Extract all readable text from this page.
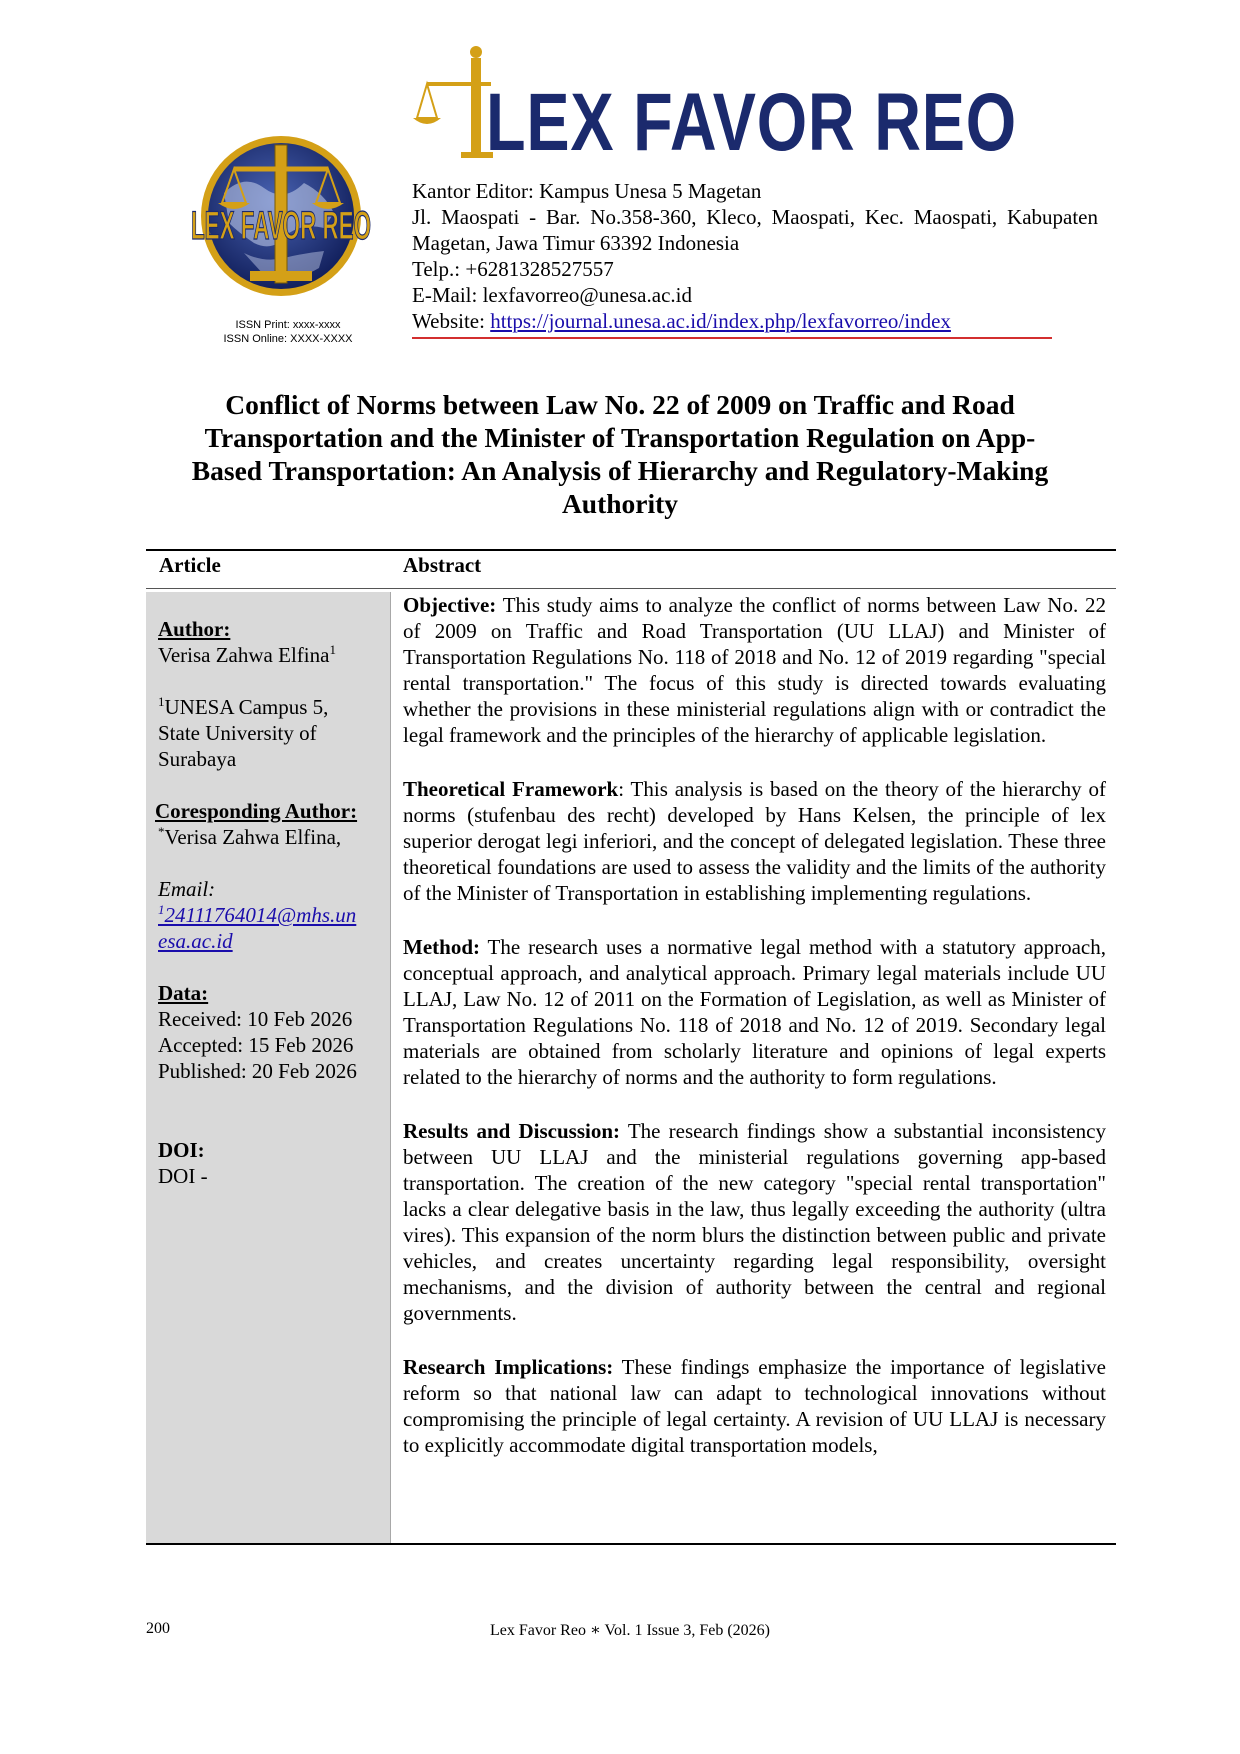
LEX FAVOR REO
ISSN Print: xxxx-xxxx
ISSN Online: XXXX-XXXX
LEX FAVOR REO
Kantor Editor: Kampus Unesa 5 Magetan
Jl. Maospati - Bar. No.358-360, Kleco, Maospati, Kec. Maospati, Kabupaten Magetan, Jawa Timur 63392 Indonesia
Telp.: +6281328527557
E-Mail: lexfavorreo@unesa.ac.id
Website: https://journal.unesa.ac.id/index.php/lexfavorreo/index
Conflict of Norms between Law No. 22 of 2009 on Traffic and Road Transportation and the Minister of Transportation Regulation on App-Based Transportation: An Analysis of Hierarchy and Regulatory-Making Authority
Article	Abstract
Author:
Verisa Zahwa Elfina$^1$
$^1$UNESA Campus 5,
State University of
Surabaya
Coresponding Author:
*Verisa Zahwa Elfina,
Email:
$^1$24111764014@mhs.un
esa.ac.id
Data:
Received: 10 Feb 2026
Accepted: 15 Feb 2026
Published: 20 Feb 2026
DOI:
DOI -

Objective: This study aims to analyze the conflict of norms between Law No. 22 of 2009 on Traffic and Road Transportation (UU LLAJ) and Minister of Transportation Regulations No. 118 of 2018 and No. 12 of 2019 regarding "special rental transportation." The focus of this study is directed towards evaluating whether the provisions in these ministerial regulations align with or contradict the legal framework and the principles of the hierarchy of applicable legislation.

Theoretical Framework: This analysis is based on the theory of the hierarchy of norms (stufenbau des recht) developed by Hans Kelsen, the principle of lex superior derogat legi inferiori, and the concept of delegated legislation. These three theoretical foundations are used to assess the validity and the limits of the authority of the Minister of Transportation in establishing implementing regulations.

Method: The research uses a normative legal method with a statutory approach, conceptual approach, and analytical approach. Primary legal materials include UU LLAJ, Law No. 12 of 2011 on the Formation of Legislation, as well as Minister of Transportation Regulations No. 118 of 2018 and No. 12 of 2019. Secondary legal materials are obtained from scholarly literature and opinions of legal experts related to the hierarchy of norms and the authority to form regulations.

Results and Discussion: The research findings show a substantial inconsistency between UU LLAJ and the ministerial regulations governing app-based transportation. The creation of the new category "special rental transportation" lacks a clear delegative basis in the law, thus legally exceeding the authority (ultra vires). This expansion of the norm blurs the distinction between public and private vehicles, and creates uncertainty regarding legal responsibility, oversight mechanisms, and the division of authority between the central and regional governments.

Research Implications: These findings emphasize the importance of legislative reform so that national law can adapt to technological innovations without compromising the principle of legal certainty. A revision of UU LLAJ is necessary to explicitly accommodate digital transportation models,

200	Lex Favor Reo ∗ Vol. 1 Issue 3, Feb (2026)
